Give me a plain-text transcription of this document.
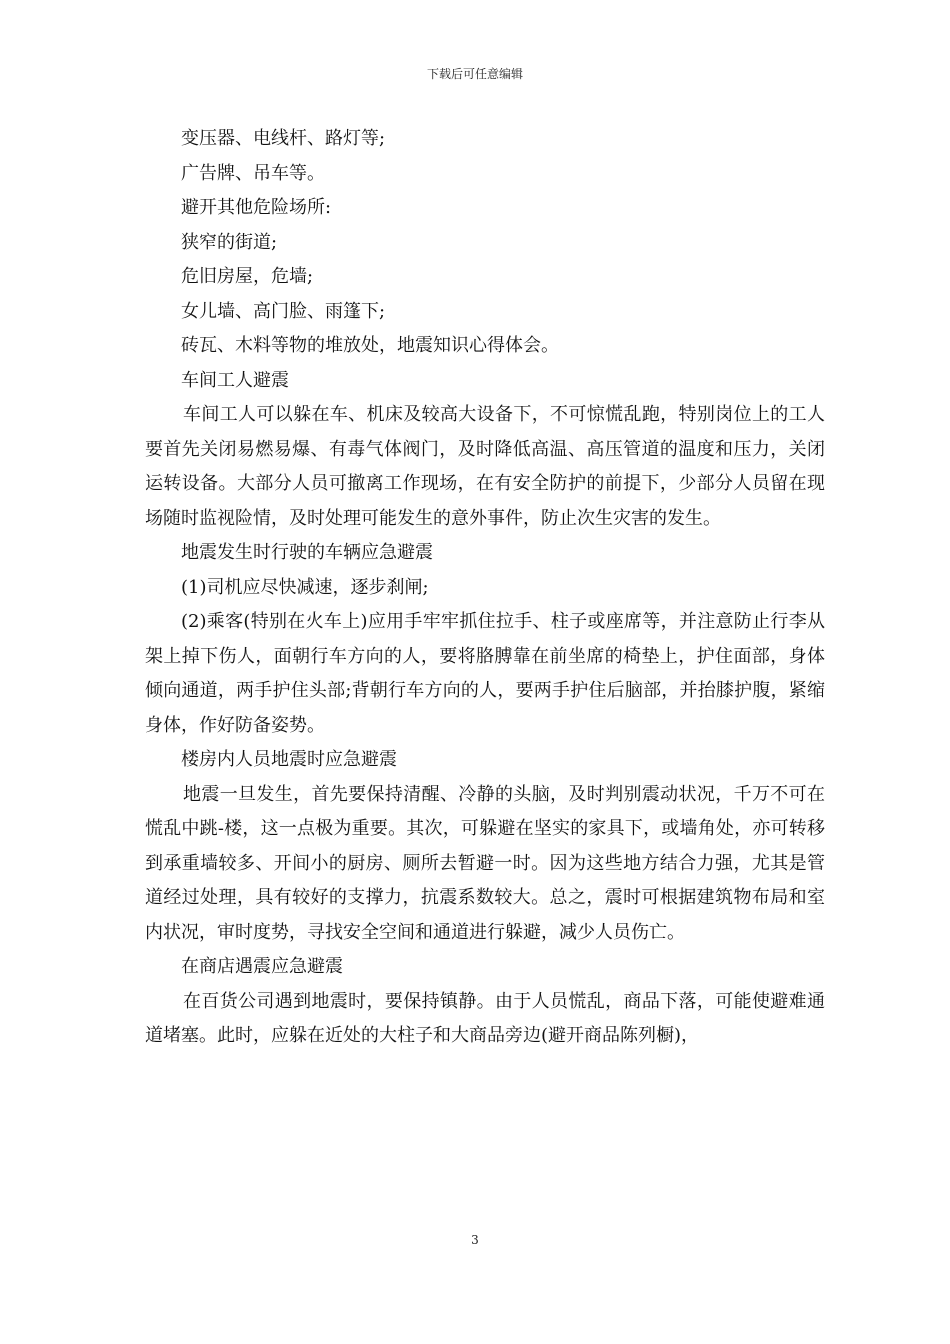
下载后可任意编辑

变压器、电线杆、路灯等;

广告牌、吊车等。

避开其他危险场所:

狭窄的街道;

危旧房屋，危墙;

女儿墙、高门脸、雨篷下;

砖瓦、木料等物的堆放处，地震知识心得体会。

车间工人避震

车间工人可以躲在车、机床及较高大设备下，不可惊慌乱跑，特别岗位上的工人要首先关闭易燃易爆、有毒气体阀门，及时降低高温、高压管道的温度和压力，关闭运转设备。大部分人员可撤离工作现场，在有安全防护的前提下，少部分人员留在现场随时监视险情，及时处理可能发生的意外事件，防止次生灾害的发生。

地震发生时行驶的车辆应急避震

(1)司机应尽快减速，逐步刹闸;

(2)乘客(特别在火车上)应用手牢牢抓住拉手、柱子或座席等，并注意防止行李从架上掉下伤人，面朝行车方向的人，要将胳膊靠在前坐席的椅垫上，护住面部，身体倾向通道，两手护住头部;背朝行车方向的人，要两手护住后脑部，并抬膝护腹，紧缩身体，作好防备姿势。

楼房内人员地震时应急避震

地震一旦发生，首先要保持清醒、冷静的头脑，及时判别震动状况，千万不可在慌乱中跳-楼，这一点极为重要。其次，可躲避在坚实的家具下，或墙角处，亦可转移到承重墙较多、开间小的厨房、厕所去暂避一时。因为这些地方结合力强，尤其是管道经过处理，具有较好的支撑力，抗震系数较大。总之，震时可根据建筑物布局和室内状况，审时度势，寻找安全空间和通道进行躲避，减少人员伤亡。

在商店遇震应急避震

在百货公司遇到地震时，要保持镇静。由于人员慌乱，商品下落，可能使避难通道堵塞。此时，应躲在近处的大柱子和大商品旁边(避开商品陈列橱)，

3
